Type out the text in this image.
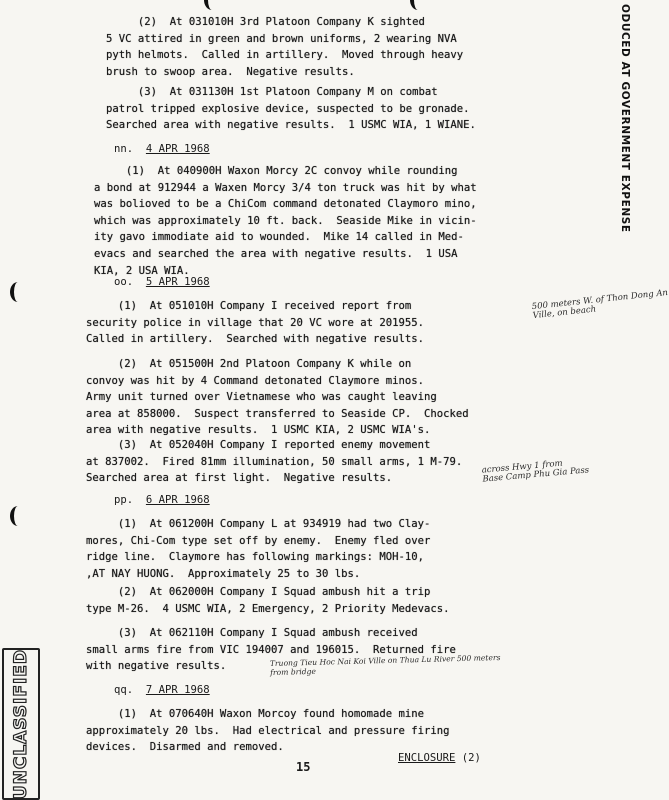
ODUCED AT GOVERNMENT EXPENSE

(2)  At 031010H 3rd Platoon Company K sighted
5 VC attired in green and brown uniforms, 2 wearing NVA
pyth helmots.  Called in artillery.  Moved through heavy
brush to swoop area.  Negative results.

(3)  At 031130H 1st Platoon Company M on combat
patrol tripped explosive device, suspected to be gronade.
Searched area with negative results.  1 USMC WIA, 1 WIANE.

nn. 4 APR 1968

(1)  At 040900H Waxon Morcy 2C convoy while rounding
a bond at 912944 a Waxen Morcy 3/4 ton truck was hit by what
was bolioved to be a ChiCom command detonated Claymoro mino,
which was approximately 10 ft. back.  Seaside Mike in vicin-
ity gavo immodiate aid to wounded.  Mike 14 called in Med-
evacs and searched the area with negative results.  1 USA
KIA, 2 USA WIA.

oo. 5 APR 1968

(1)  At 051010H Company I received report from
security police in village that 20 VC wore at 201955.
Called in artillery.  Searched with negative results.

500 meters W. of Thon Dong An
Ville, on beach

(2)  At 051500H 2nd Platoon Company K while on
convoy was hit by 4 Command detonated Claymore minos.
Army unit turned over Vietnamese who was caught leaving
area at 858000.  Suspect transferred to Seaside CP.  Chocked
area with negative results.  1 USMC KIA, 2 USMC WIA's.

(3)  At 052040H Company I reported enemy movement
at 837002.  Fired 81mm illumination, 50 small arms, 1 M-79.
Searched area at first light.  Negative results.

across Hwy 1 from
Base Camp Phu Gia Pass

pp. 6 APR 1968

(1)  At 061200H Company L at 934919 had two Clay-
mores, Chi-Com type set off by enemy.  Enemy fled over
ridge line.  Claymore has following markings: MOH-10,
,AT NAY HUONG.  Approximately 25 to 30 lbs.

(2)  At 062000H Company I Squad ambush hit a trip
type M-26.  4 USMC WIA, 2 Emergency, 2 Priority Medevacs.

(3)  At 062110H Company I Squad ambush received
small arms fire from VIC 194007 and 196015.  Returned fire
with negative results.	Truong Tieu Hoc Nai Koi Ville on Thua Lu River 500 meters
from bridge

qq. 7 APR 1968

(1)  At 070640H Waxon Morcoy found homomade mine
approximately 20 lbs.  Had electrical and pressure firing
devices.  Disarmed and removed.

ENCLOSURE (2)

15

UNCLASSIFIED
